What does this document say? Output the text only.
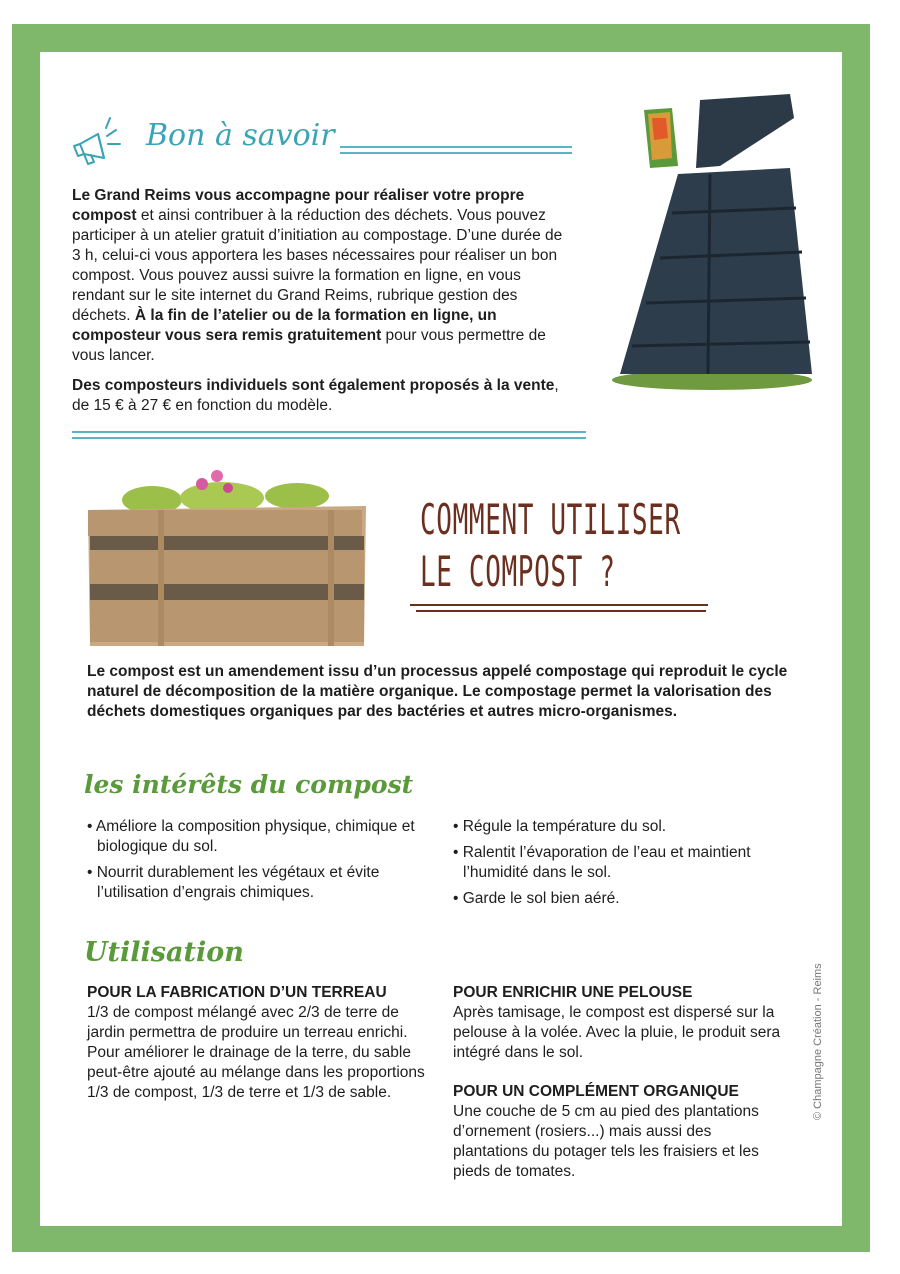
Bon à savoir

Le Grand Reims vous accompagne pour réaliser votre propre compost et ainsi contribuer à la réduction des déchets. Vous pouvez participer à un atelier gratuit d’initiation au compostage. D’une durée de 3 h, celui-ci vous apportera les bases nécessaires pour réaliser un bon compost. Vous pouvez aussi suivre la formation en ligne, en vous rendant sur le site internet du Grand Reims, rubrique gestion des déchets. À la fin de l’atelier ou de la formation en ligne, un composteur vous sera remis gratuitement pour vous permettre de vous lancer.

Des composteurs individuels sont également proposés à la vente, de 15 € à 27 € en fonction du modèle.

COMMENT UTILISER
LE COMPOST ?

Le compost est un amendement issu d’un processus appelé compostage qui reproduit le cycle naturel de décomposition de la matière organique. Le compostage permet la valorisation des déchets domestiques organiques par des bactéries et autres micro-organismes.

les intérêts du compost

• Améliore la composition physique, chimique et biologique du sol.

• Nourrit durablement les végétaux et évite l’utilisation d’engrais chimiques.

• Régule la température du sol.

• Ralentit l’évaporation de l’eau et maintient l’humidité dans le sol.

• Garde le sol bien aéré.

Utilisation

POUR LA FABRICATION D’UN TERREAU

1/3 de compost mélangé avec 2/3 de terre de jardin permettra de produire un terreau enrichi. Pour améliorer le drainage de la terre, du sable peut-être ajouté au mélange dans les proportions 1/3 de compost, 1/3 de terre et 1/3 de sable.

POUR ENRICHIR UNE PELOUSE

Après tamisage, le compost est dispersé sur la pelouse à la volée. Avec la pluie, le produit sera intégré dans le sol.

POUR UN COMPLÉMENT ORGANIQUE

Une couche de 5 cm au pied des plantations d’ornement (rosiers...) mais aussi des plantations du potager tels les fraisiers et les pieds de tomates.

© Champagne Création - Reims
